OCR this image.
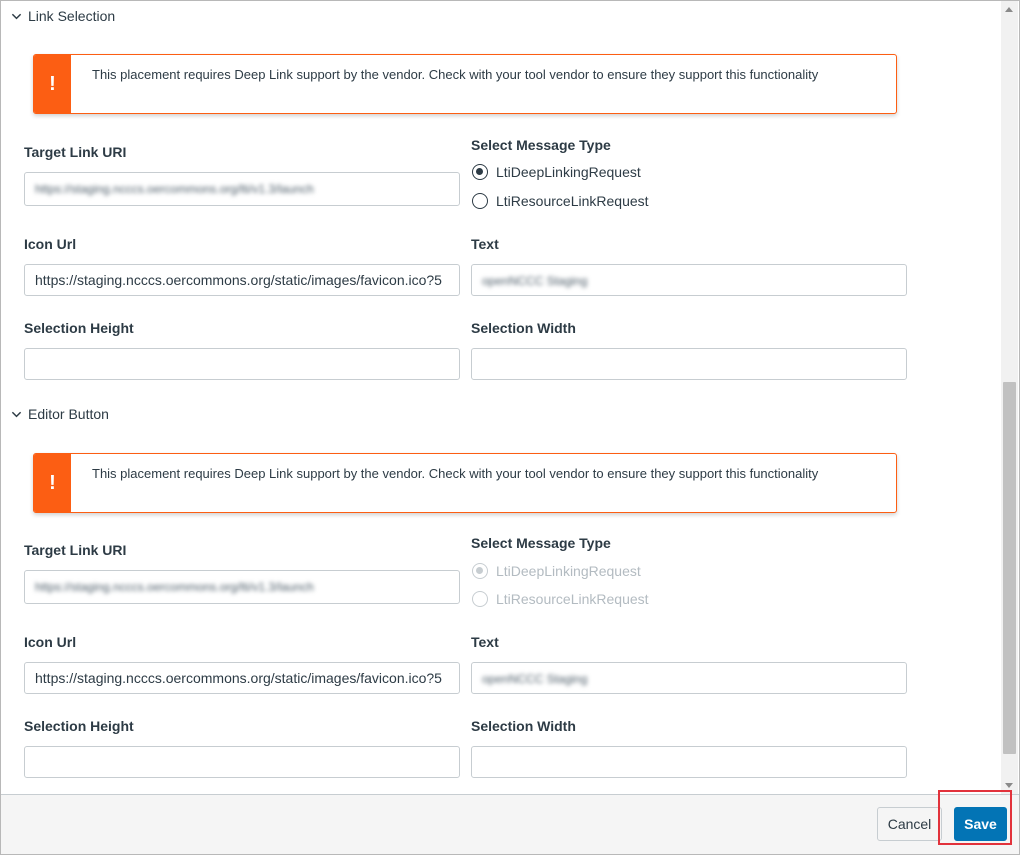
Link Selection
!	This placement requires Deep Link support by the vendor. Check with your tool vendor to ensure they support this functionality
Target Link URI
https://staging.ncccs.oercommons.org/lti/v1.3/launch
Select Message Type
LtiDeepLinkingRequest
LtiResourceLinkRequest
Icon Url
https://staging.ncccs.oercommons.org/static/images/favicon.ico?5
Text
openNCCC Staging
Selection Height	Selection Width
Editor Button
!	This placement requires Deep Link support by the vendor. Check with your tool vendor to ensure they support this functionality
Target Link URI
https://staging.ncccs.oercommons.org/lti/v1.3/launch
Select Message Type
LtiDeepLinkingRequest
LtiResourceLinkRequest
Icon Url
https://staging.ncccs.oercommons.org/static/images/favicon.ico?5
Text
openNCCC Staging
Selection Height	Selection Width
Cancel	Save
